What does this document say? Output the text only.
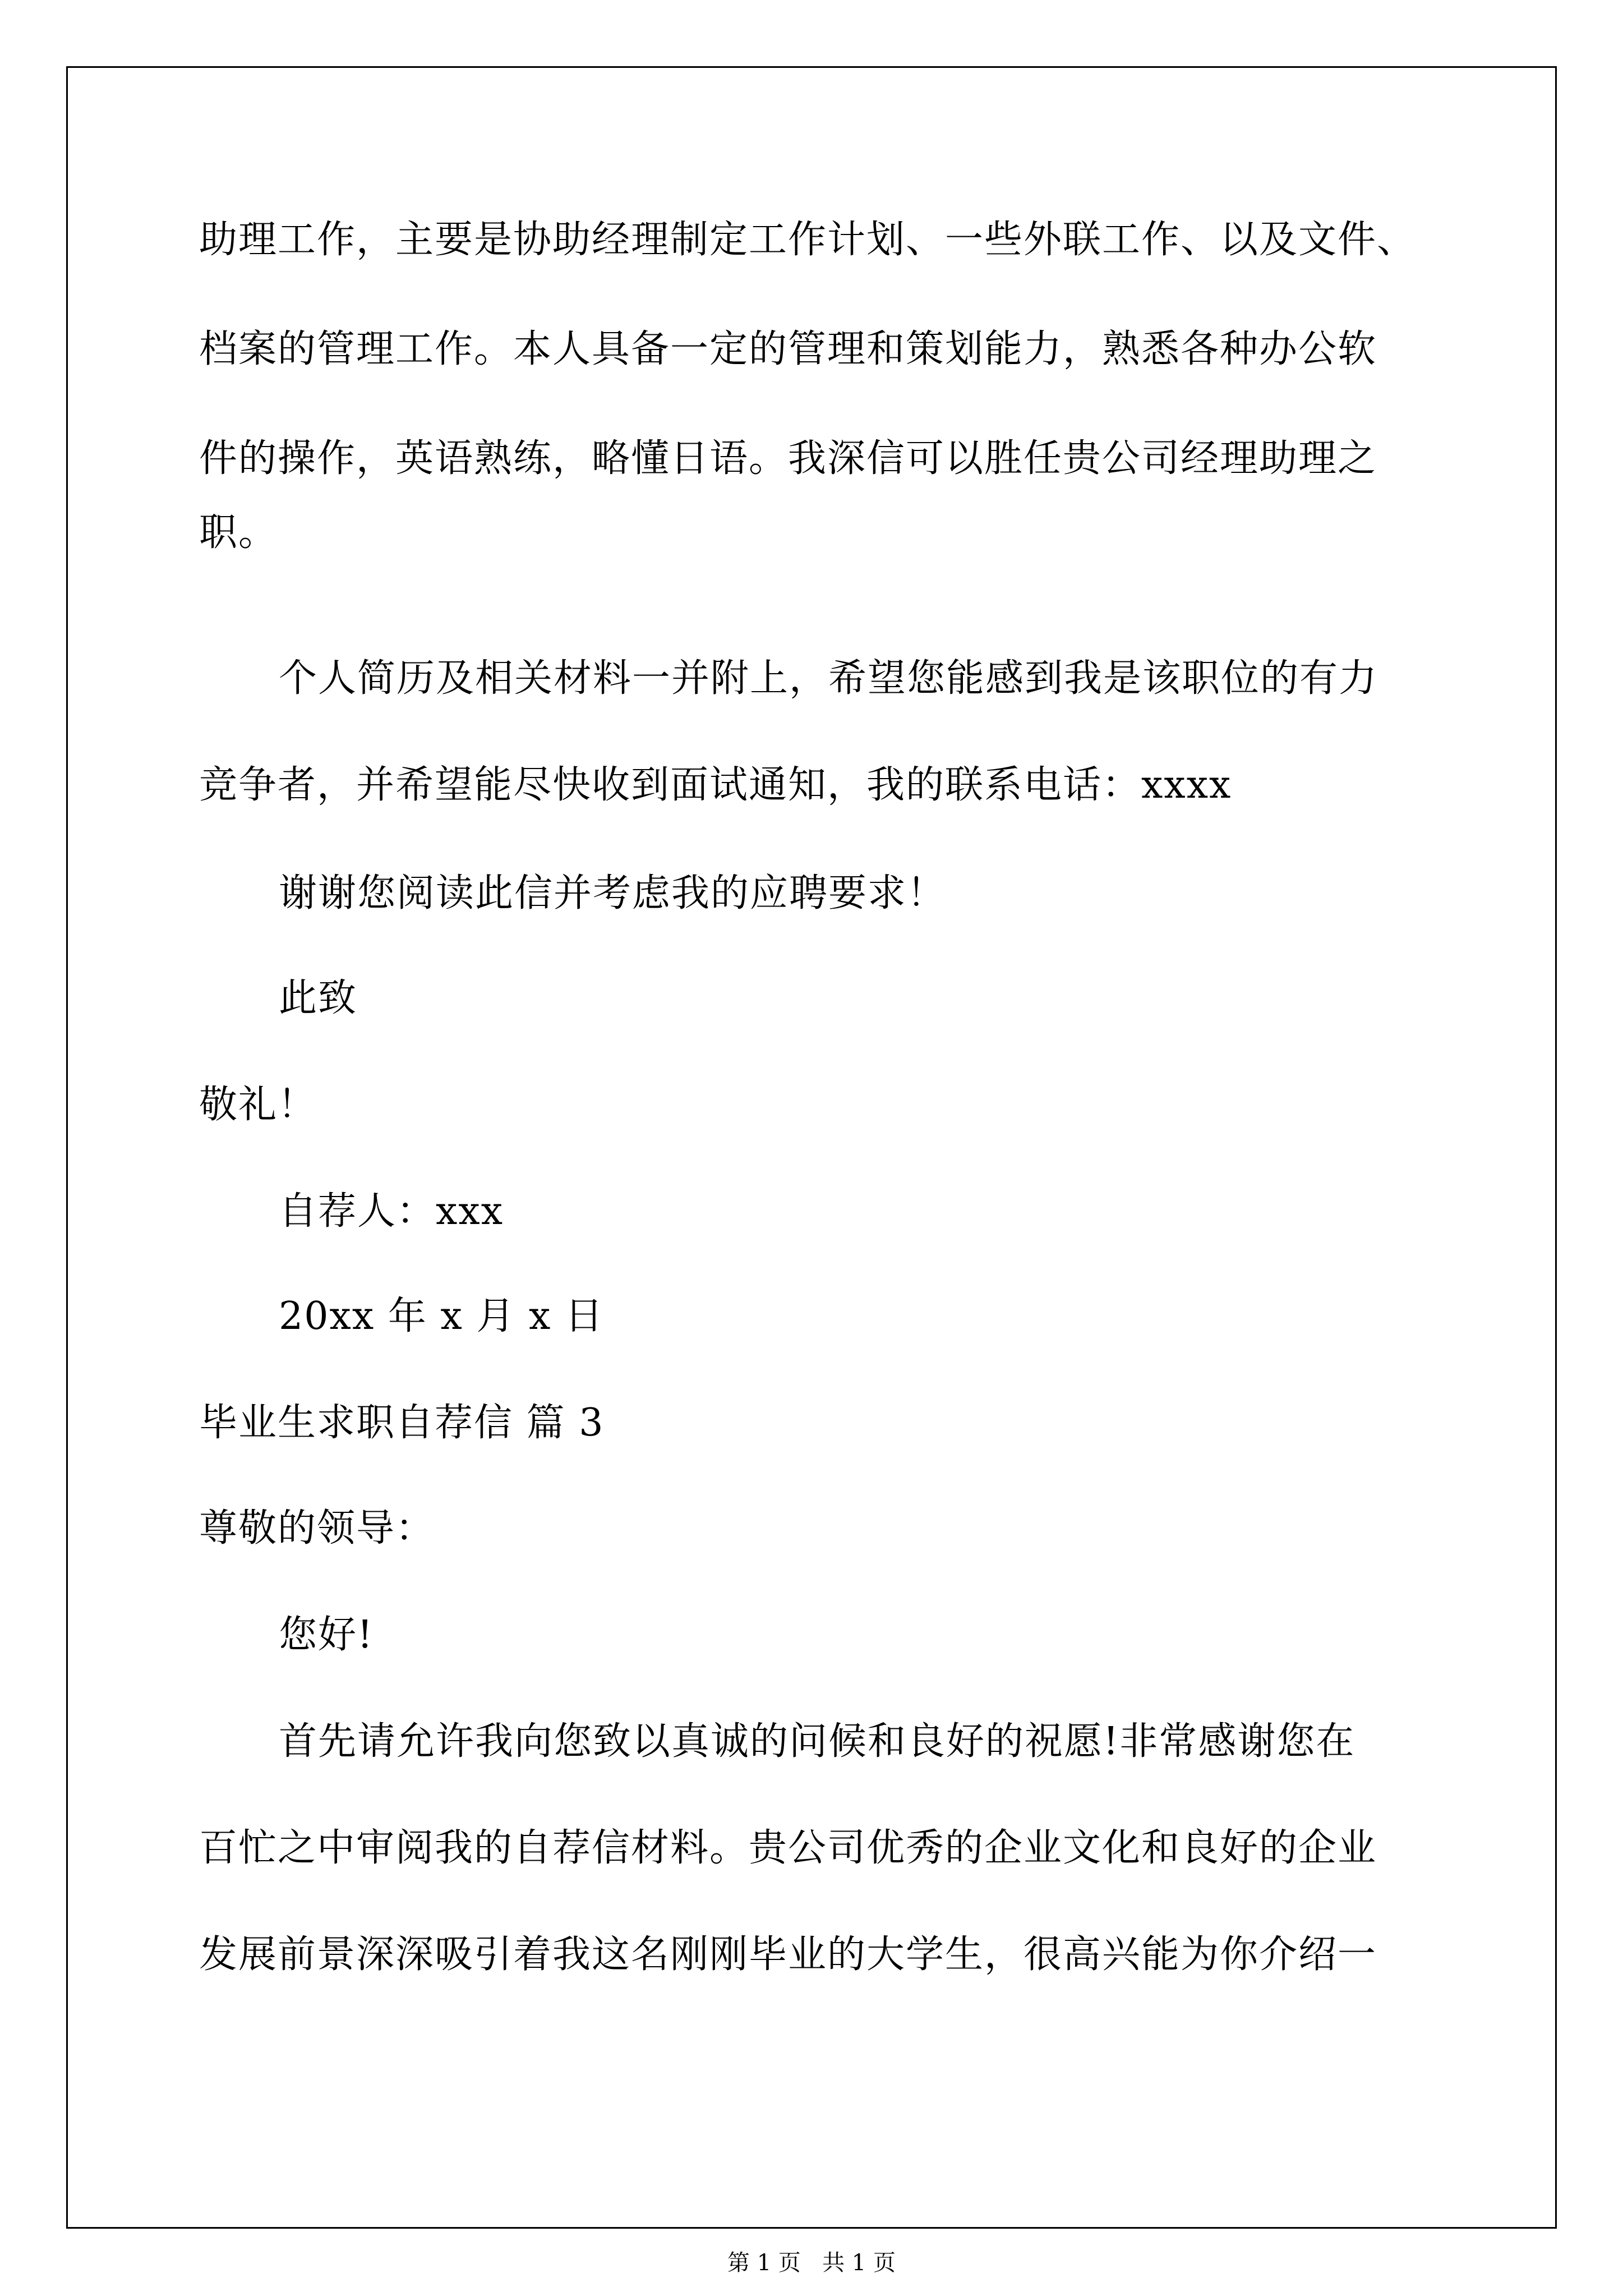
助理工作，主要是协助经理制定工作计划、一些外联工作、以及文件、
档案的管理工作。本人具备一定的管理和策划能力，熟悉各种办公软
件的操作，英语熟练，略懂日语。我深信可以胜任贵公司经理助理之
职。
个人简历及相关材料一并附上，希望您能感到我是该职位的有力
竞争者，并希望能尽快收到面试通知，我的联系电话：xxxx
谢谢您阅读此信并考虑我的应聘要求！
此致
敬礼！
自荐人：xxx
20xx 年 x 月 x 日
毕业生求职自荐信 篇 3
尊敬的领导：
您好!
首先请允许我向您致以真诚的问候和良好的祝愿!非常感谢您在
百忙之中审阅我的自荐信材料。贵公司优秀的企业文化和良好的企业
发展前景深深吸引着我这名刚刚毕业的大学生，很高兴能为你介绍一
第 1 页   共 1 页
